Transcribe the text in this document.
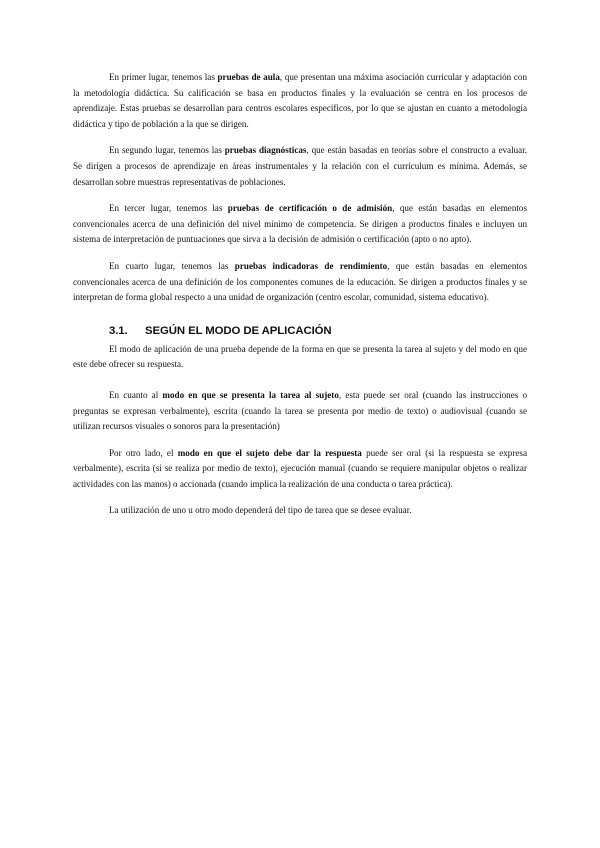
En primer lugar, tenemos las pruebas de aula, que presentan una máxima asociación curricular y adaptación con la metodología didáctica. Su calificación se basa en productos finales y la evaluación se centra en los procesos de aprendizaje. Estas pruebas se desarrollan para centros escolares específicos, por lo que se ajustan en cuanto a metodología didáctica y tipo de población a la que se dirigen.

En segundo lugar, tenemos las pruebas diagnósticas, que están basadas en teorías sobre el constructo a evaluar. Se dirigen a procesos de aprendizaje en áreas instrumentales y la relación con el currículum es mínima. Además, se desarrollan sobre muestras representativas de poblaciones.

En tercer lugar, tenemos las pruebas de certificación o de admisión, que están basadas en elementos convencionales acerca de una definición del nivel mínimo de competencia. Se dirigen a productos finales e incluyen un sistema de interpretación de puntuaciones que sirva a la decisión de admisión o certificación (apto o no apto).

En cuarto lugar, tenemos las pruebas indicadoras de rendimiento, que están basadas en elementos convencionales acerca de una definición de los componentes comunes de la educación. Se dirigen a productos finales y se interpretan de forma global respecto a una unidad de organización (centro escolar, comunidad, sistema educativo).

3.1. SEGÚN EL MODO DE APLICACIÓN

El modo de aplicación de una prueba depende de la forma en que se presenta la tarea al sujeto y del modo en que este debe ofrecer su respuesta.

En cuanto al modo en que se presenta la tarea al sujeto, esta puede ser oral (cuando las instrucciones o preguntas se expresan verbalmente), escrita (cuando la tarea se presenta por medio de texto) o audiovisual (cuando se utilizan recursos visuales o sonoros para la presentación)

Por otro lado, el modo en que el sujeto debe dar la respuesta puede ser oral (si la respuesta se expresa verbalmente), escrita (si se realiza por medio de texto), ejecución manual (cuando se requiere manipular objetos o realizar actividades con las manos) o accionada (cuando implica la realización de una conducta o tarea práctica).

La utilización de uno u otro modo dependerá del tipo de tarea que se desee evaluar.
